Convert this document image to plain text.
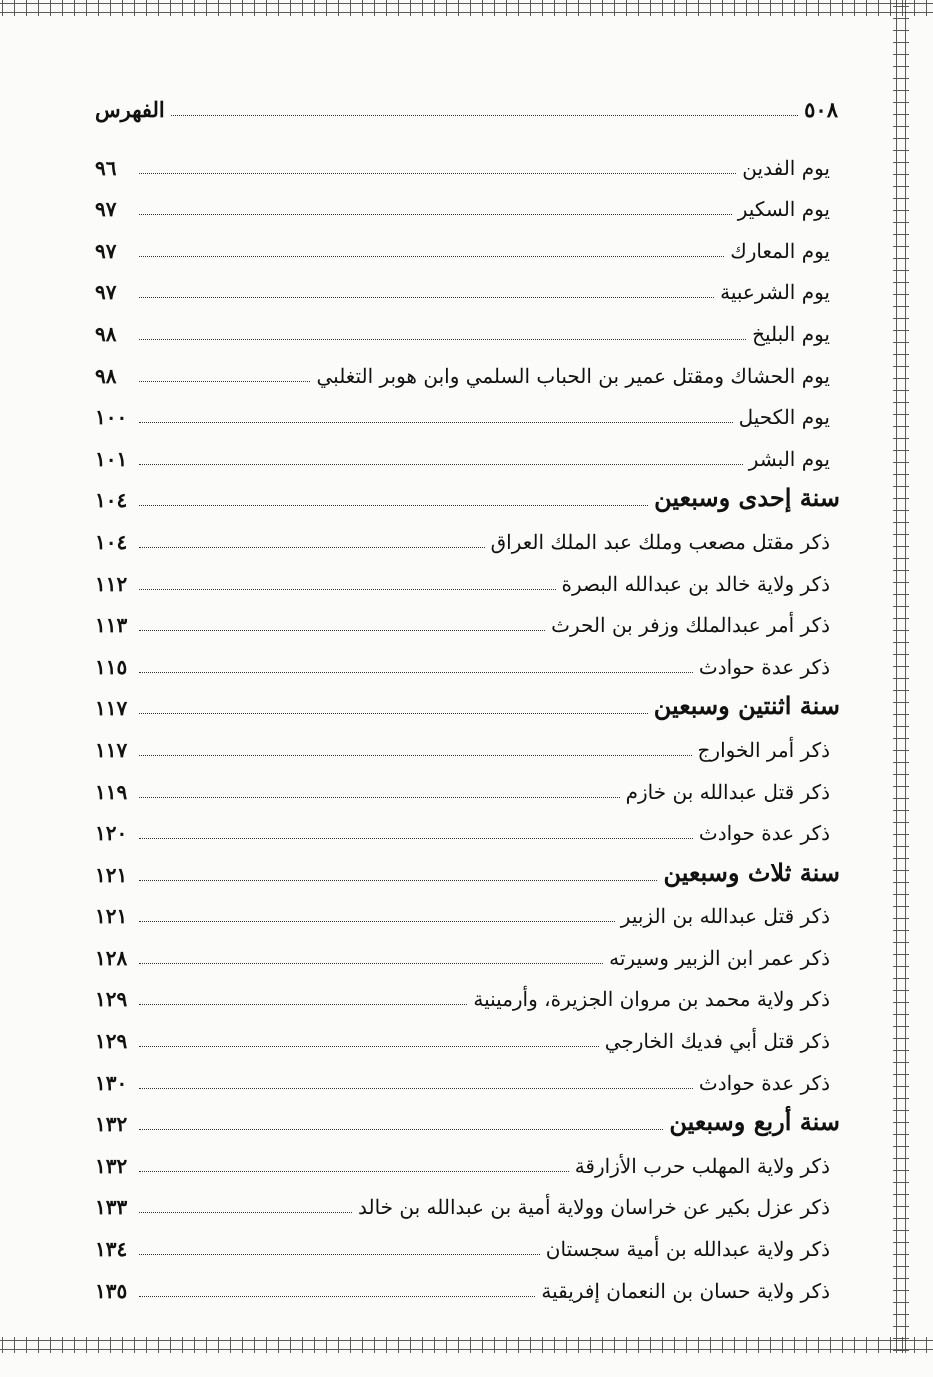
الفهرس	٥٠٨
يوم الفدين
٩٦
يوم السكير
٩٧
يوم المعارك
٩٧
يوم الشرعبية
٩٧
يوم البليخ
٩٨
يوم الحشاك ومقتل عمير بن الحباب السلمي وابن هوبر التغلبي
٩٨
يوم الكحيل
١٠٠
يوم البشر
١٠١
سنة إحدى وسبعين
١٠٤
ذكر مقتل مصعب وملك عبد الملك العراق
١٠٤
ذكر ولاية خالد بن عبدالله البصرة
١١٢
ذكر أمر عبدالملك وزفر بن الحرث
١١٣
ذكر عدة حوادث
١١٥
سنة اثنتين وسبعين
١١٧
ذكر أمر الخوارج
١١٧
ذكر قتل عبدالله بن خازم
١١٩
ذكر عدة حوادث
١٢٠
سنة ثلاث وسبعين
١٢١
ذكر قتل عبدالله بن الزبير
١٢١
ذكر عمر ابن الزبير وسيرته
١٢٨
ذكر ولاية محمد بن مروان الجزيرة، وأرمينية
١٢٩
ذكر قتل أبي فديك الخارجي
١٢٩
ذكر عدة حوادث
١٣٠
سنة أربع وسبعين
١٣٢
ذكر ولاية المهلب حرب الأزارقة
١٣٢
ذكر عزل بكير عن خراسان وولاية أمية بن عبدالله بن خالد
١٣٣
ذكر ولاية عبدالله بن أمية سجستان
١٣٤
ذكر ولاية حسان بن النعمان إفريقية
١٣٥
